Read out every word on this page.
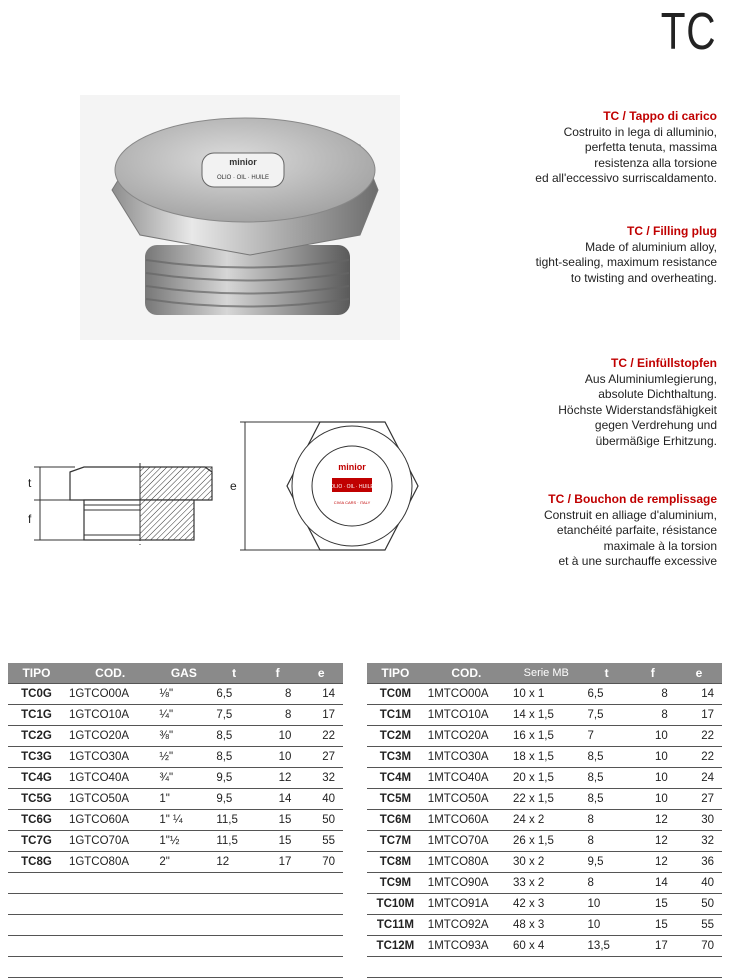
TC
minior
OLIO · OIL · HUILE
t
f
e
minior
OLIO · OIL · HUILE
CIVIA CARS · ITALY
TC / Tappo di carico
Costruito in lega di alluminio,
perfetta tenuta, massima
resistenza alla torsione
ed all'eccessivo surriscaldamento.
TC / Filling plug
Made of aluminium alloy,
tight-sealing, maximum resistance
to twisting and overheating.
TC / Einfüllstopfen
Aus Aluminiumlegierung,
absolute Dichthaltung.
Höchste Widerstandsfähigkeit
gegen Verdrehung und
übermäßige Erhitzung.
TC / Bouchon de remplissage
Construit en alliage d'aluminium,
etanchéité parfaite, résistance
maximale à la torsion
et à une surchauffe excessive
TIPO	COD.	GAS	t	f	e
TC0G	1GTCO00A	⅛"	6,5	8	14
TC1G	1GTCO10A	¼"	7,5	8	17
TC2G	1GTCO20A	⅜"	8,5	10	22
TC3G	1GTCO30A	½"	8,5	10	27
TC4G	1GTCO40A	¾"	9,5	12	32
TC5G	1GTCO50A	1"	9,5	14	40
TC6G	1GTCO60A	1" ¼	11,5	15	50
TC7G	1GTCO70A	1"½	11,5	15	55
TC8G	1GTCO80A	2"	12	17	70

TIPO	COD.	Serie MB	t	f	e
TC0M	1MTCO00A	10 x 1	6,5	8	14
TC1M	1MTCO10A	14 x 1,5	7,5	8	17
TC2M	1MTCO20A	16 x 1,5	7	10	22
TC3M	1MTCO30A	18 x 1,5	8,5	10	22
TC4M	1MTCO40A	20 x 1,5	8,5	10	24
TC5M	1MTCO50A	22 x 1,5	8,5	10	27
TC6M	1MTCO60A	24 x 2	8	12	30
TC7M	1MTCO70A	26 x 1,5	8	12	32
TC8M	1MTCO80A	30 x 2	9,5	12	36
TC9M	1MTCO90A	33 x 2	8	14	40
TC10M	1MTCO91A	42 x 3	10	15	50
TC11M	1MTCO92A	48 x 3	10	15	55
TC12M	1MTCO93A	60 x 4	13,5	17	70
